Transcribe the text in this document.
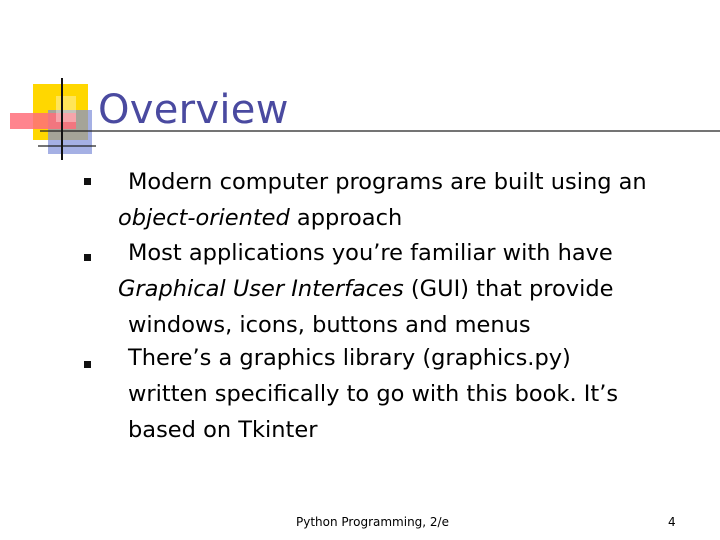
Overview
Modern computer programs are built using an
object-oriented approach
Most applications you’re familiar with have
Graphical User Interfaces (GUI) that provide
windows, icons, buttons and menus
There’s a graphics library (graphics.py)
written specifically to go with this book. It’s
based on Tkinter
Python Programming, 2/e	4
